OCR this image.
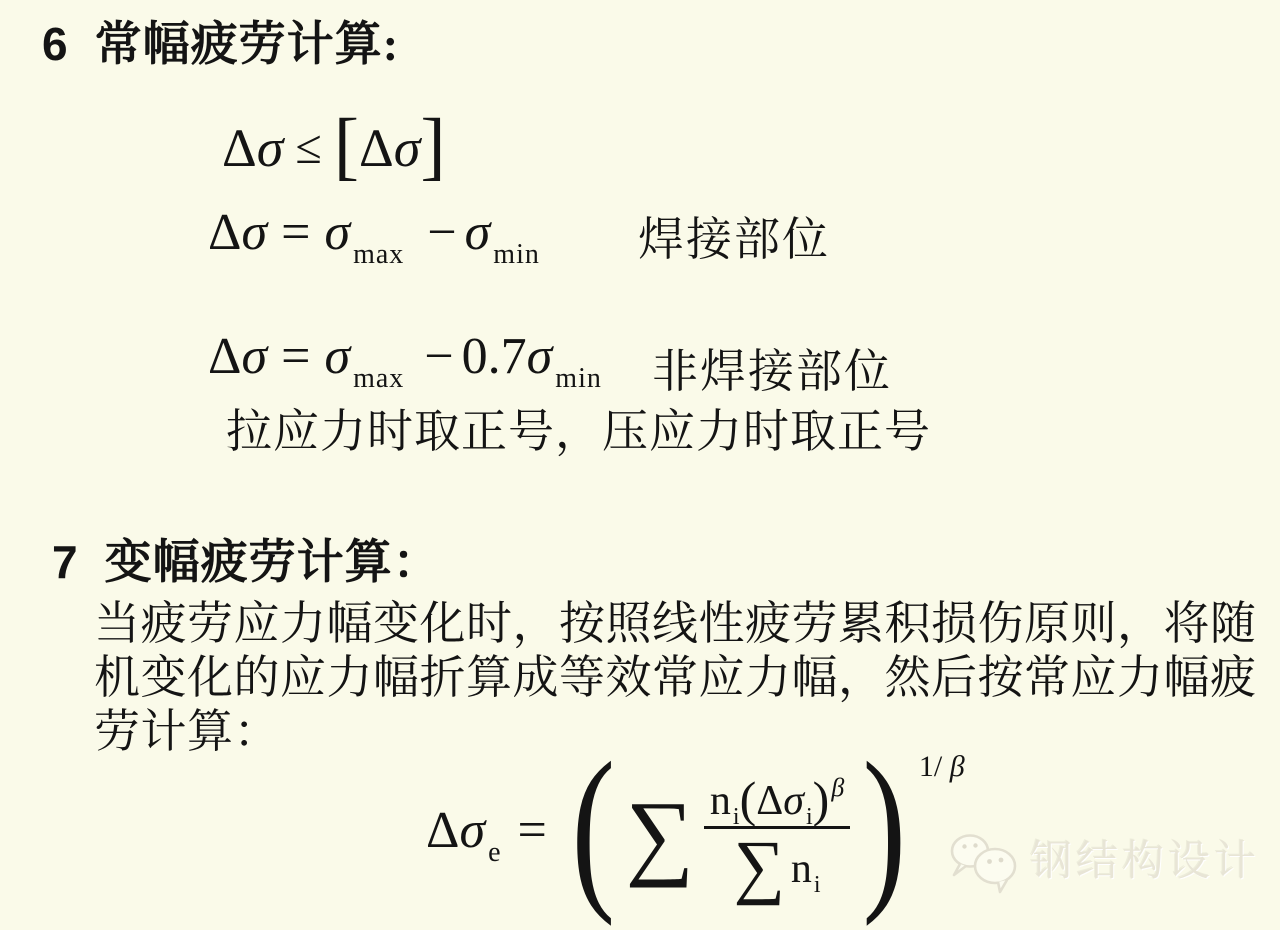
6 常幅疲劳计算:
Δ σ ≤ [ Δ σ ]
Δ σ = σ max − σ min 焊接部位
Δ σ = σ max − 0.7 σ min 非焊接部位
拉应力时取正号，压应力时取正号
7 变幅疲劳计算：
当疲劳应力幅变化时，按照线性疲劳累积损伤原则，将随
机变化的应力幅折算成等效常应力幅，然后按常应力幅疲
劳计算：
Δσ $_e$ = ( ∑ $\frac{\text{n i ( Δ σ i ) β}}{\text{∑ n i}}$ ) 1/ β
钢结构设计
